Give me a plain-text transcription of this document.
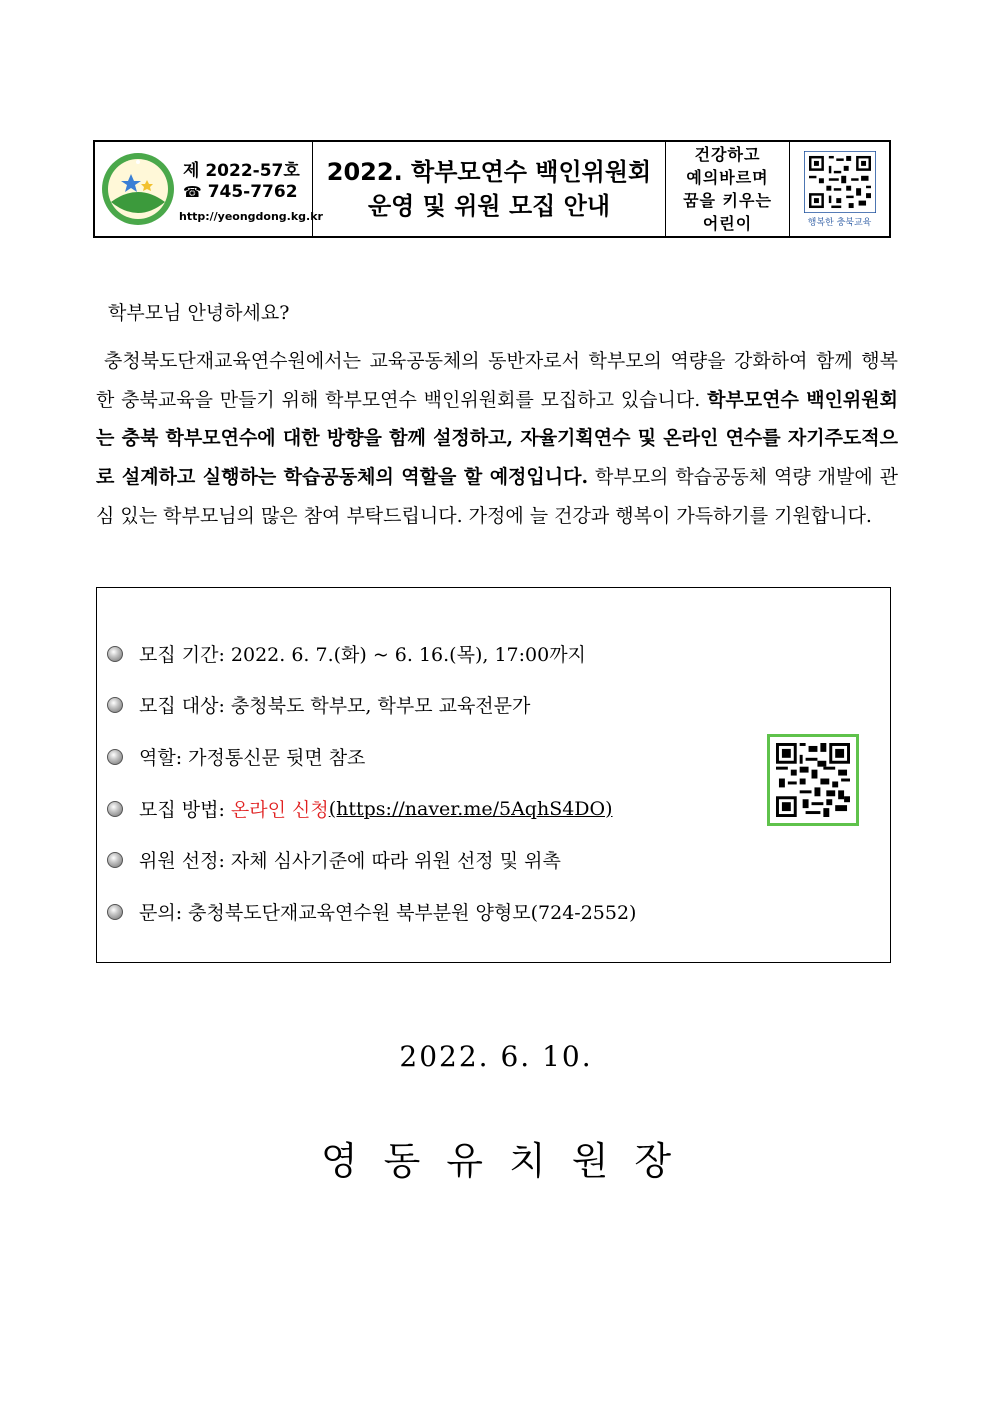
제 2022-57호
☎ 745-7762
http://yeongdong.kg.kr
2022. 학부모연수 백인위원회
운영 및 위원 모집 안내
건강하고
예의바르며
꿈을 키우는
어린이	행복한 충북교육
학부모님 안녕하세요?
충청북도단재교육연수원에서는 교육공동체의 동반자로서 학부모의 역량을 강화하여 함께 행복한 충북교육을 만들기 위해 학부모연수 백인위원회를 모집하고 있습니다. 학부모연수 백인위원회는 충북 학부모연수에 대한 방향을 함께 설정하고, 자율기획연수 및 온라인 연수를 자기주도적으로 설계하고 실행하는 학습공동체의 역할을 할 예정입니다. 학부모의 학습공동체 역량 개발에 관심 있는 학부모님의 많은 참여 부탁드립니다. 가정에 늘 건강과 행복이 가득하기를 기원합니다.
모집 기간: 2022. 6. 7.(화) ~ 6. 16.(목), 17:00까지
모집 대상: 충청북도 학부모, 학부모 교육전문가
역할: 가정통신문 뒷면 참조
모집 방법: 온라인 신청 (https://naver.me/5AqhS4DO)
위원 선정: 자체 심사기준에 따라 위원 선정 및 위촉
문의: 충청북도단재교육연수원 북부분원 양형모(724-2552)
2022. 6. 10.
영동유치원장
